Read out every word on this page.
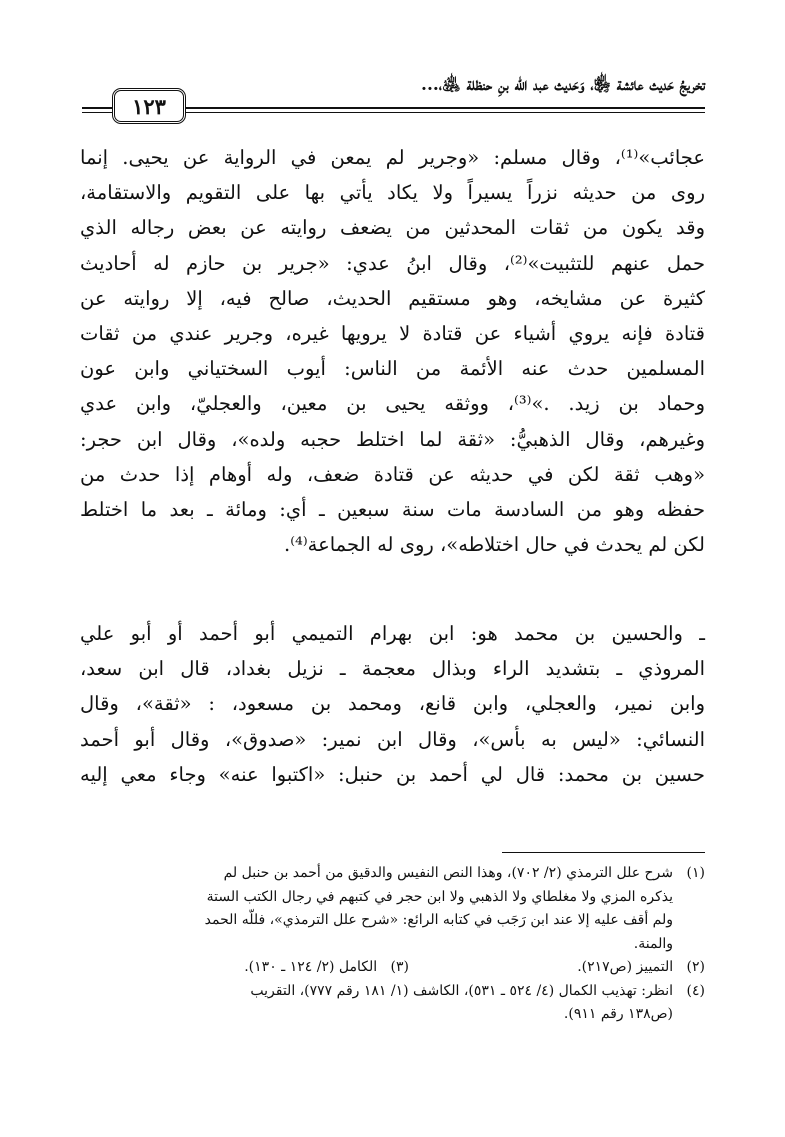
تخريجُ حَديث عائشة ﵂، وَحَديث عبد الله بنِ حنظلة ﵁،...
١٢٣
عجائب»⁽¹⁾، وقال مسلم: «وجرير لم يمعن في الرواية عن يحيى. إنما
روى من حديثه نزراً يسيراً ولا يكاد يأتي بها على التقويم والاستقامة،
وقد يكون من ثقات المحدثين من يضعف روايته عن بعض رجاله الذي
حمل عنهم للتثبيت»⁽²⁾، وقال ابنُ عدي: «جرير بن حازم له أحاديث
كثيرة عن مشايخه، وهو مستقيم الحديث، صالح فيه، إلا روايته عن
قتادة فإنه يروي أشياء عن قتادة لا يرويها غيره، وجرير عندي من ثقات
المسلمين حدث عنه الأئمة من الناس: أيوب السختياني وابن عون
وحماد بن زيد. .»⁽³⁾، ووثقه يحيى بن معين، والعجليّ، وابن عدي
وغيرهم، وقال الذهبيُّ: «ثقة لما اختلط حجبه ولده»، وقال ابن حجر:
«وهب ثقة لكن في حديثه عن قتادة ضعف، وله أوهام إذا حدث من
حفظه وهو من السادسة مات سنة سبعين ـ أي: ومائة ـ بعد ما اختلط
لكن لم يحدث في حال اختلاطه»، روى له الجماعة⁽⁴⁾.
ـ والحسين بن محمد هو: ابن بهرام التميمي أبو أحمد أو أبو علي
المروذي ـ بتشديد الراء وبذال معجمة ـ نزيل بغداد، قال ابن سعد،
وابن نمير، والعجلي، وابن قانع، ومحمد بن مسعود، : «ثقة»، وقال
النسائي: «ليس به بأس»، وقال ابن نمير: «صدوق»، وقال أبو أحمد
حسين بن محمد: قال لي أحمد بن حنبل: «اكتبوا عنه» وجاء معي إليه
(١)
شرح علل الترمذي (٢/ ٧٠٢)، وهذا النص النفيس والدقيق من أحمد بن حنبل لم
يذكره المزي ولا مغلطاي ولا الذهبي ولا ابن حجر في كتبهم في رجال الكتب الستة
ولم أقف عليه إلا عند ابن رَجَب في كتابه الرائع: «شرح علل الترمذي»، فللّه الحمد
والمنة.
(٢)   التمييز (ص٢١٧).
(٣)   الكامل (٢/ ١٢٤ ـ ١٣٠).
(٤)
انظر: تهذيب الكمال (٤/ ٥٢٤ ـ ٥٣١)، الكاشف (١/ ١٨١ رقم ٧٧٧)، التقريب
(ص١٣٨ رقم ٩١١).
